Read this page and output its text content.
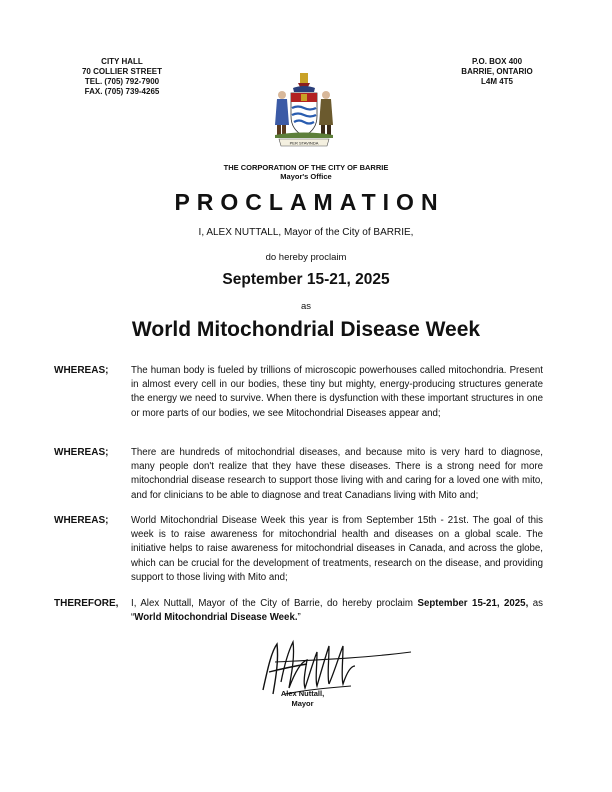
CITY HALL
70 COLLIER STREET
TEL. (705) 792-7900
FAX. (705) 739-4265
P.O. BOX 400
BARRIE, ONTARIO
L4M 4T5
PER STAVINDA
THE CORPORATION OF THE CITY OF BARRIE
Mayor's Office
PROCLAMATION
I, ALEX NUTTALL, Mayor of the City of BARRIE,
do hereby proclaim
September 15-21, 2025
as
World Mitochondrial Disease Week
WHEREAS; The human body is fueled by trillions of microscopic powerhouses called mitochondria. Present in almost every cell in our bodies, these tiny but mighty, energy-producing structures generate the energy we need to survive. When there is dysfunction with these important structures in one or more parts of our bodies, we see Mitochondrial Diseases appear and;
WHEREAS; There are hundreds of mitochondrial diseases, and because mito is very hard to diagnose, many people don't realize that they have these diseases. There is a strong need for more mitochondrial disease research to support those living with and caring for a loved one with mito, and for clinicians to be able to diagnose and treat Canadians living with Mito and;
WHEREAS; World Mitochondrial Disease Week this year is from September 15th - 21st. The goal of this week is to raise awareness for mitochondrial health and diseases on a global scale. The initiative helps to raise awareness for mitochondrial diseases in Canada, and across the globe, which can be crucial for the development of treatments, research on the disease, and providing support to those living with Mito and;
THEREFORE, I, Alex Nuttall, Mayor of the City of Barrie, do hereby proclaim September 15-21, 2025, as “World Mitochondrial Disease Week.”
Alex Nuttall,
Mayor
